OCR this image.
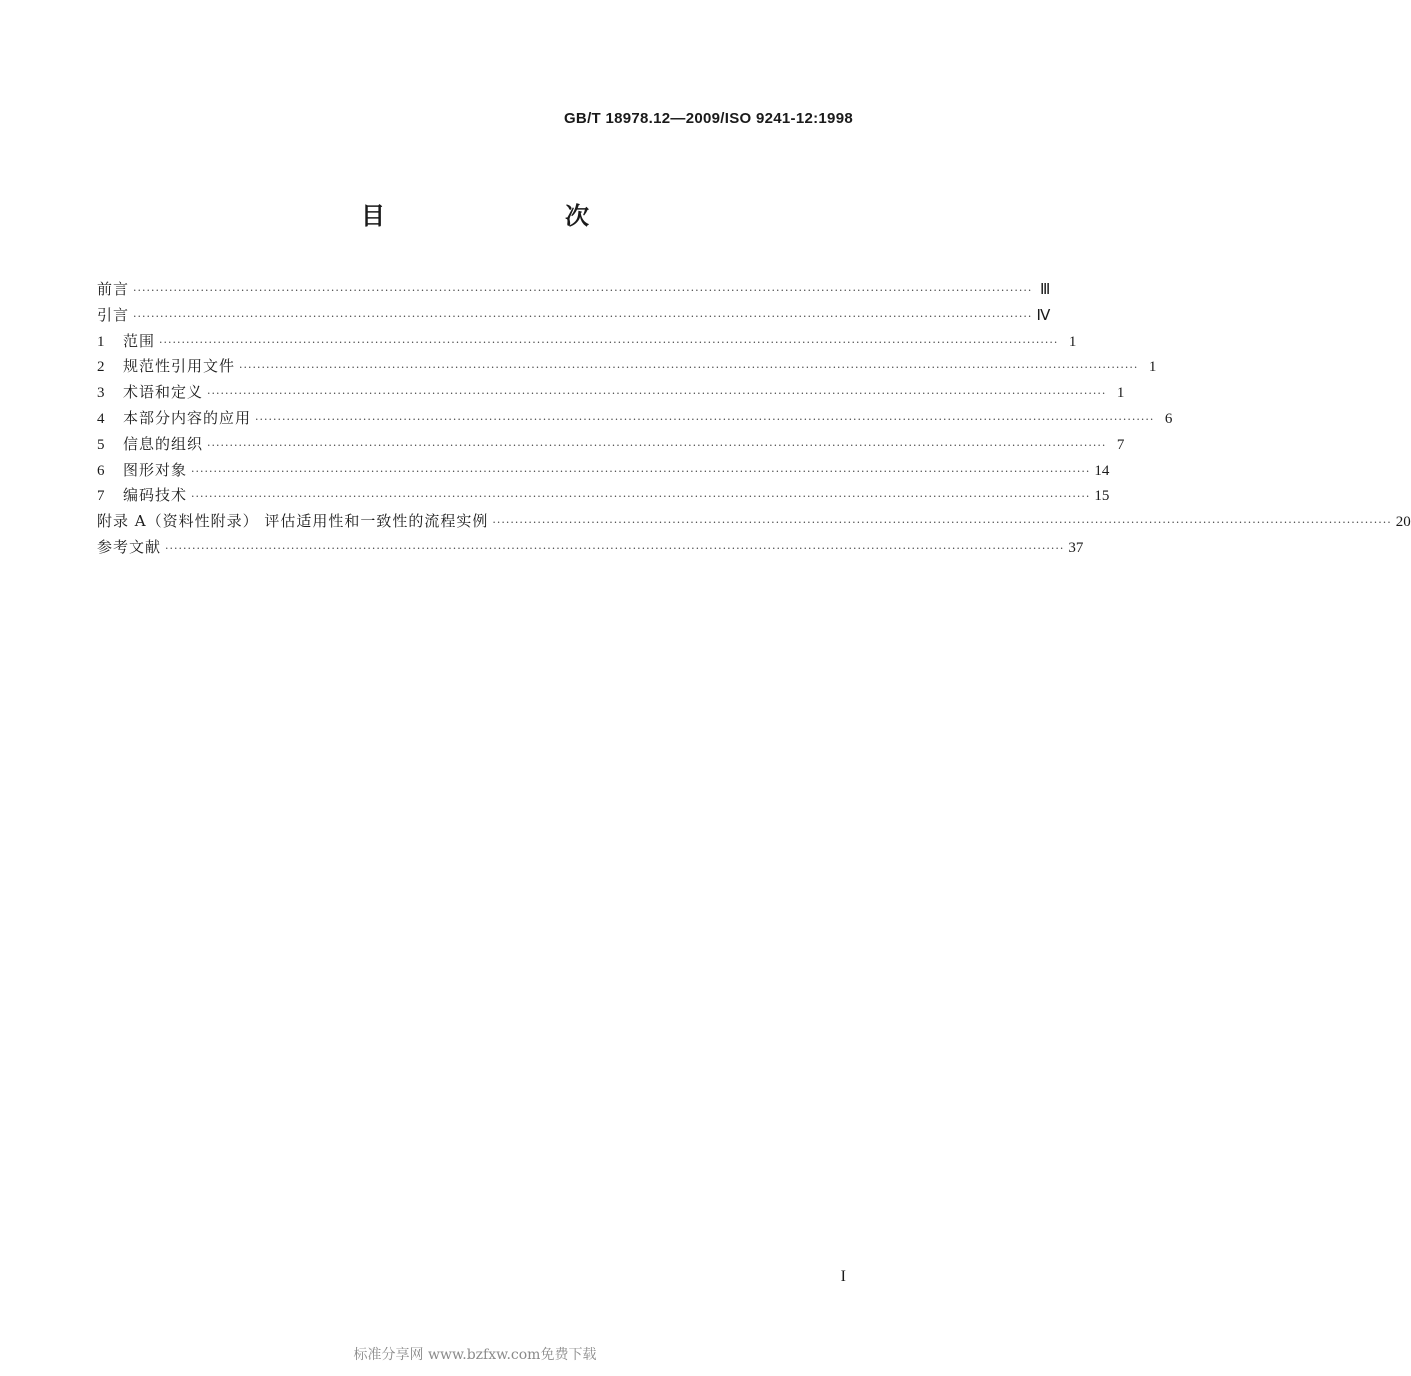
GB/T 18978.12—2009/ISO 9241-12:1998
目　　次
前言 ········································································································································································································ Ⅲ
引言 ········································································································································································································ Ⅳ
1	范围 ········································································································································································································ 1
2	规范性引用文件 ········································································································································································································ 1
3	术语和定义 ········································································································································································································ 1
4	本部分内容的应用 ········································································································································································································ 6
5	信息的组织 ········································································································································································································ 7
6	图形对象 ········································································································································································································ 14
7	编码技术 ········································································································································································································ 15
附录 A（资料性附录） 评估适用性和一致性的流程实例 ········································································································································································································ 20
参考文献 ········································································································································································································ 37
I
标准分享网 www.bzfxw.com免费下载
